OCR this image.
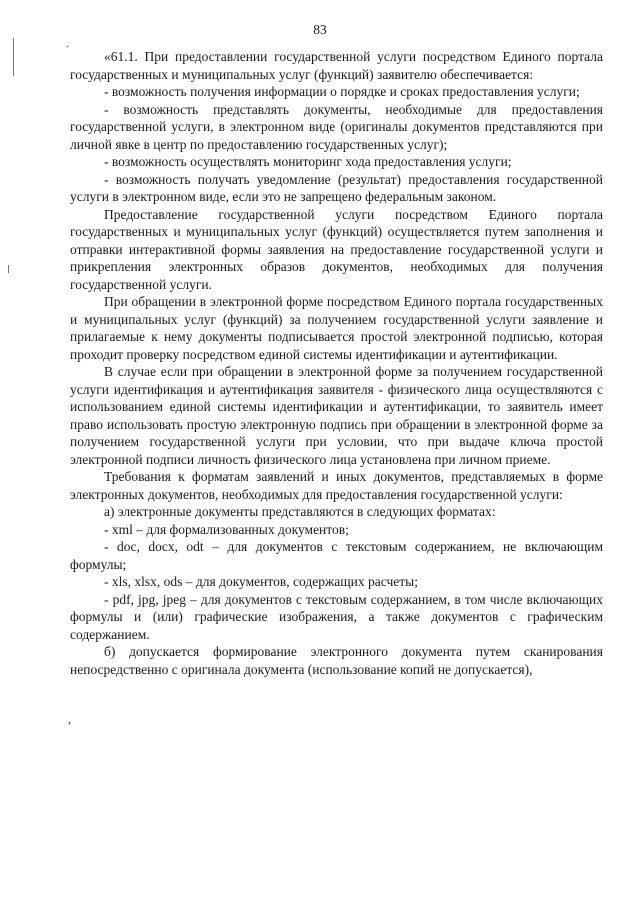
.
,
83

«61.1. При предоставлении государственной услуги посредством Единого портала государственных и муниципальных услуг (функций) заявителю обеспечивается:

- возможность получения информации о порядке и сроках предоставления услуги;

- возможность представлять документы, необходимые для предоставления государственной услуги, в электронном виде (оригиналы документов представляются при личной явке в центр по предоставлению государственных услуг);

- возможность осуществлять мониторинг хода предоставления услуги;

- возможность получать уведомление (результат) предоставления государственной услуги в электронном виде, если это не запрещено федеральным законом.

Предоставление государственной услуги посредством Единого портала государственных и муниципальных услуг (функций) осуществляется путем заполнения и отправки интерактивной формы заявления на предоставление государственной услуги и прикрепления электронных образов документов, необходимых для получения государственной услуги.

При обращении в электронной форме посредством Единого портала государственных и муниципальных услуг (функций) за получением государственной услуги заявление и прилагаемые к нему документы подписывается простой электронной подписью, которая проходит проверку посредством единой системы идентификации и аутентификации.

В случае если при обращении в электронной форме за получением государственной услуги идентификация и аутентификация заявителя - физического лица осуществляются с использованием единой системы идентификации и аутентификации, то заявитель имеет право использовать простую электронную подпись при обращении в электронной форме за получением государственной услуги при условии, что при выдаче ключа простой электронной подписи личность физического лица установлена при личном приеме.

Требования к форматам заявлений и иных документов, представляемых в форме электронных документов, необходимых для предоставления государственной услуги:

а) электронные документы представляются в следующих форматах:

- xml – для формализованных документов;

- doc, docx, odt – для документов с текстовым содержанием, не включающим формулы;

- xls, xlsx, ods – для документов, содержащих расчеты;

- pdf, jpg, jpeg – для документов с текстовым содержанием, в том числе включающих формулы и (или) графические изображения, а также документов с графическим содержанием.

б) допускается формирование электронного документа путем сканирования непосредственно с оригинала документа (использование копий не допускается),
